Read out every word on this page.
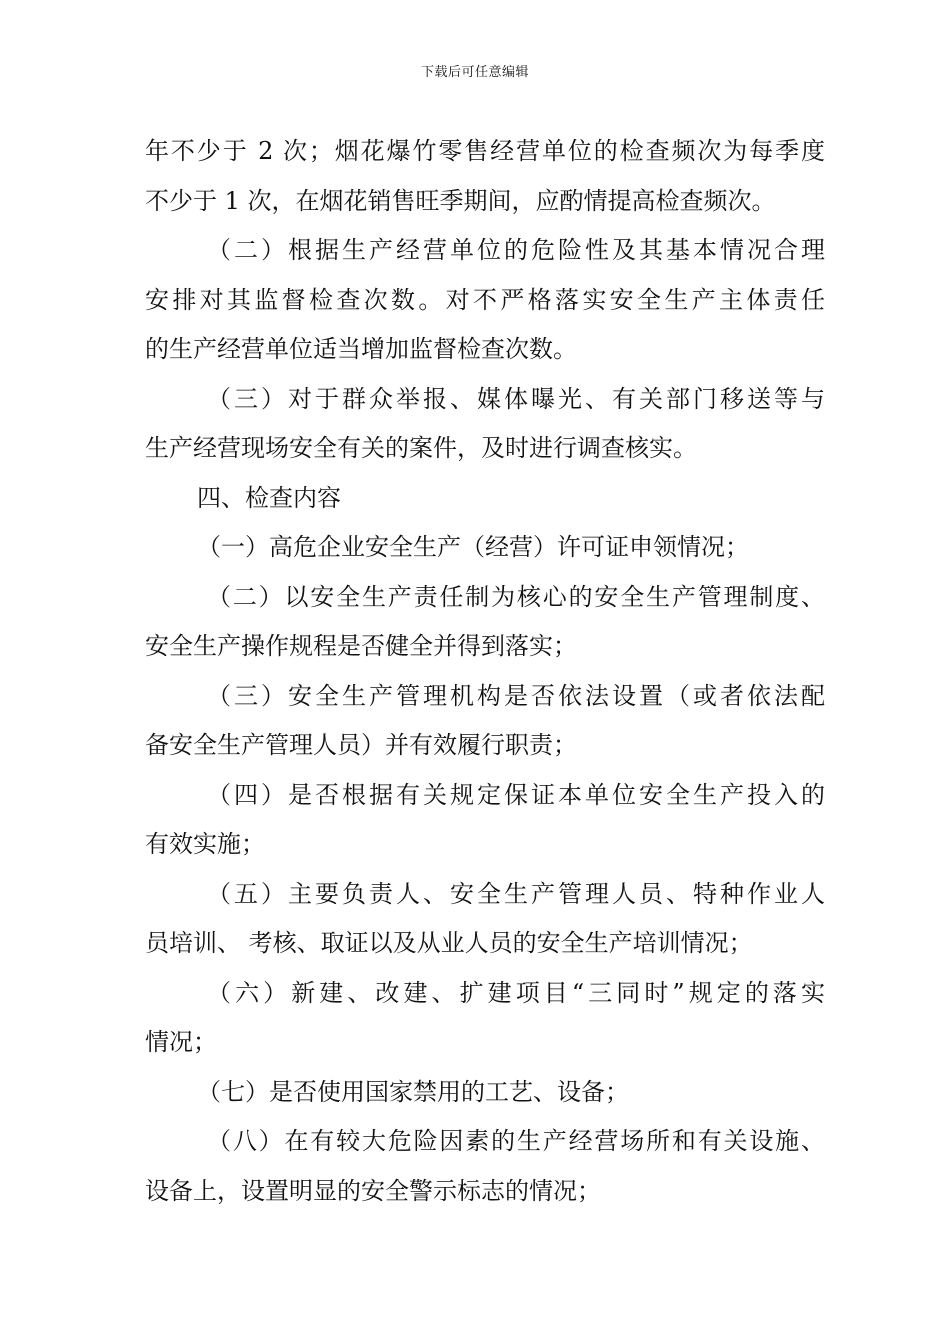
下载后可任意编辑
年不少于 2 次；烟花爆竹零售经营单位的检查频次为每季度
不少于 1 次，在烟花销售旺季期间，应酌情提高检查频次。
（二）根据生产经营单位的危险性及其基本情况合理
安排对其监督检查次数。对不严格落实安全生产主体责任
的生产经营单位适当增加监督检查次数。
（三）对于群众举报、媒体曝光、有关部门移送等与
生产经营现场安全有关的案件，及时进行调查核实。
四、检查内容
（一）高危企业安全生产（经营）许可证申领情况；
（二）以安全生产责任制为核心的安全生产管理制度、
安全生产操作规程是否健全并得到落实；
（三）安全生产管理机构是否依法设置（或者依法配
备安全生产管理人员）并有效履行职责；
（四）是否根据有关规定保证本单位安全生产投入的
有效实施；
（五）主要负责人、安全生产管理人员、特种作业人
员培训、 考核、取证以及从业人员的安全生产培训情况；
（六）新建、改建、扩建项目“三同时”规定的落实
情况；
（七）是否使用国家禁用的工艺、设备；
（八）在有较大危险因素的生产经营场所和有关设施、
设备上，设置明显的安全警示标志的情况；
